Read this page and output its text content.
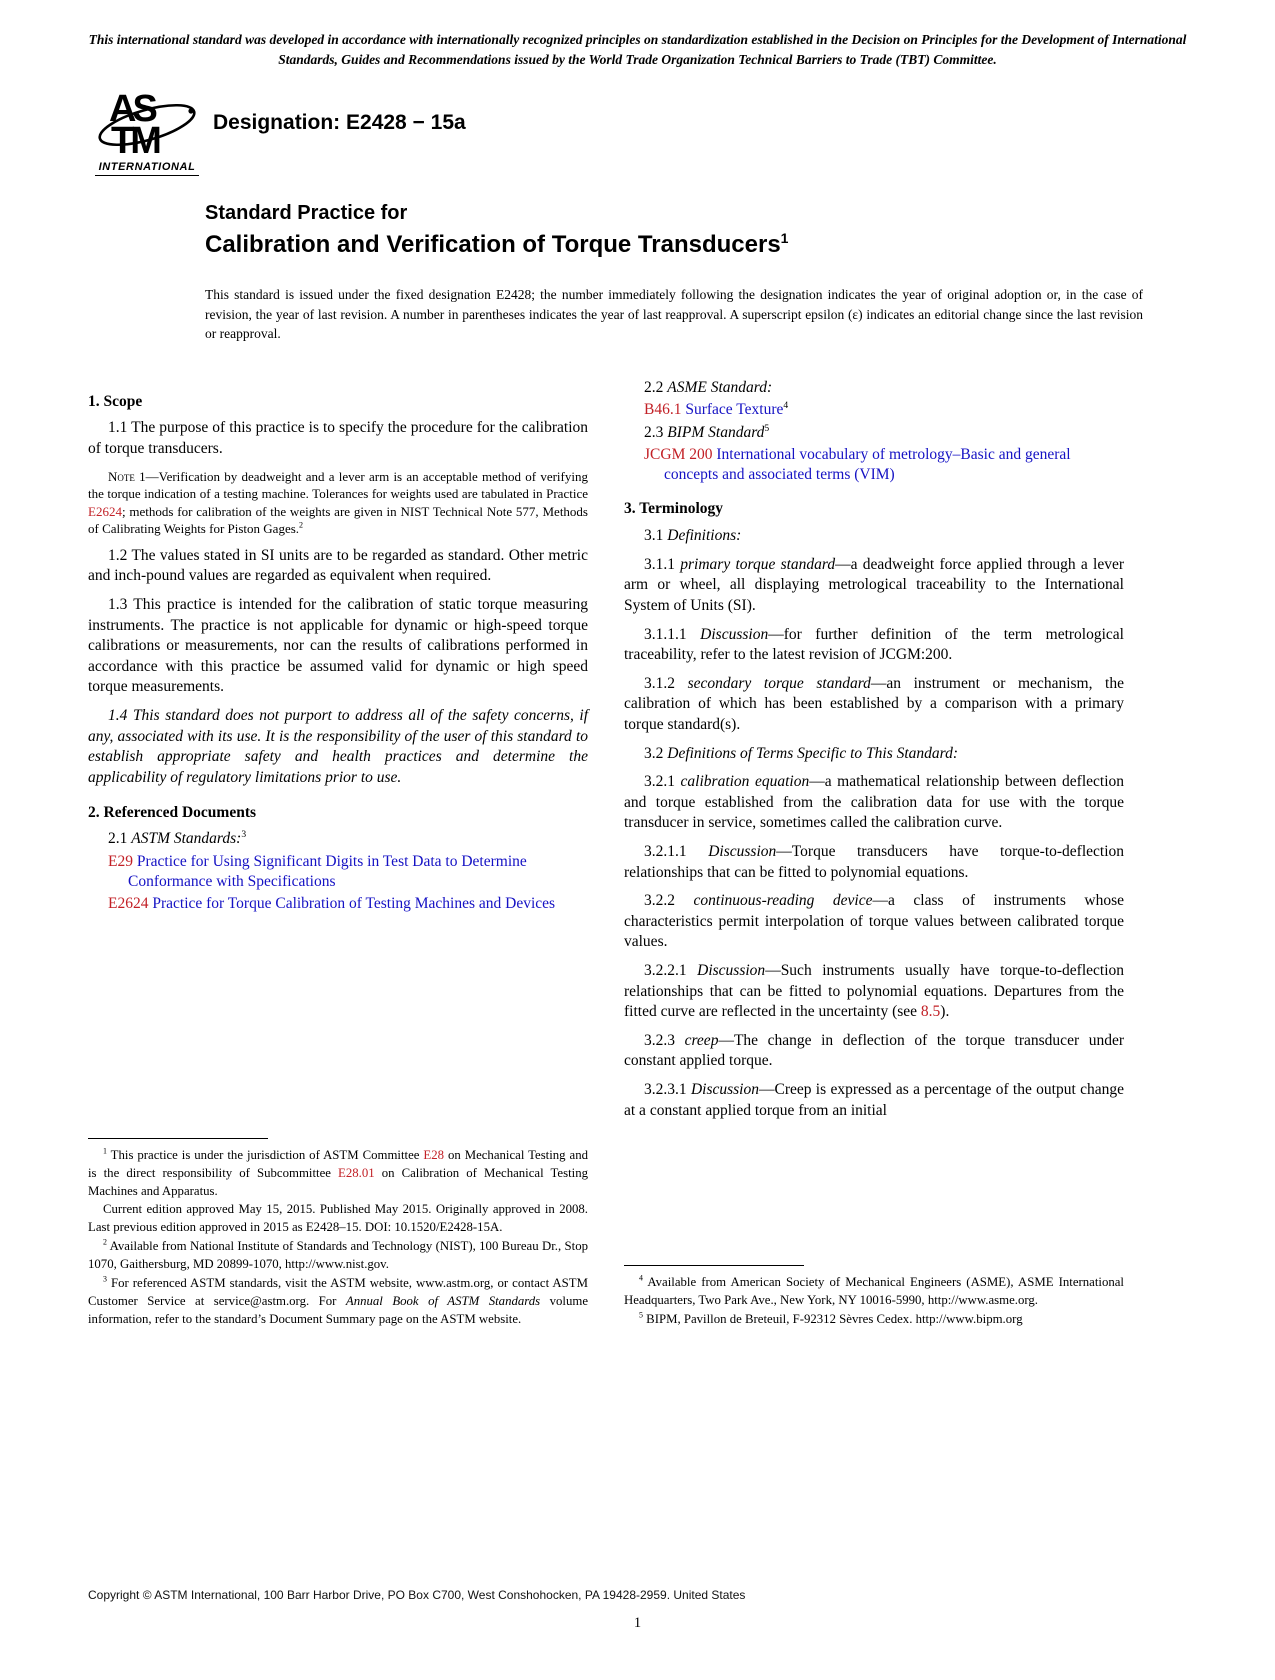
This international standard was developed in accordance with internationally recognized principles on standardization established in the Decision on Principles for the Development of International Standards, Guides and Recommendations issued by the World Trade Organization Technical Barriers to Trade (TBT) Committee.
AS
TM
INTERNATIONAL
Designation: E2428 − 15a
Standard Practice for
Calibration and Verification of Torque Transducers$^1$

This standard is issued under the fixed designation E2428; the number immediately following the designation indicates the year of original adoption or, in the case of revision, the year of last revision. A number in parentheses indicates the year of last reapproval. A superscript epsilon (ε) indicates an editorial change since the last revision or reapproval.

1. Scope

1.1 The purpose of this practice is to specify the procedure for the calibration of torque transducers.

Note 1—Verification by deadweight and a lever arm is an acceptable method of verifying the torque indication of a testing machine. Tolerances for weights used are tabulated in Practice E2624; methods for calibration of the weights are given in NIST Technical Note 577, Methods of Calibrating Weights for Piston Gages.$^2$

1.2 The values stated in SI units are to be regarded as standard. Other metric and inch-pound values are regarded as equivalent when required.

1.3 This practice is intended for the calibration of static torque measuring instruments. The practice is not applicable for dynamic or high-speed torque calibrations or measurements, nor can the results of calibrations performed in accordance with this practice be assumed valid for dynamic or high speed torque measurements.

1.4 This standard does not purport to address all of the safety concerns, if any, associated with its use. It is the responsibility of the user of this standard to establish appropriate safety and health practices and determine the applicability of regulatory limitations prior to use.

2. Referenced Documents

2.1 ASTM Standards:$^3$

E29 Practice for Using Significant Digits in Test Data to Determine Conformance with Specifications

E2624 Practice for Torque Calibration of Testing Machines and Devices

$^1$ This practice is under the jurisdiction of ASTM Committee E28 on Mechanical Testing and is the direct responsibility of Subcommittee E28.01 on Calibration of Mechanical Testing Machines and Apparatus.

Current edition approved May 15, 2015. Published May 2015. Originally approved in 2008. Last previous edition approved in 2015 as E2428–15. DOI: 10.1520/E2428-15A.

$^2$ Available from National Institute of Standards and Technology (NIST), 100 Bureau Dr., Stop 1070, Gaithersburg, MD 20899-1070, http://www.nist.gov.

$^3$ For referenced ASTM standards, visit the ASTM website, www.astm.org, or contact ASTM Customer Service at service@astm.org. For Annual Book of ASTM Standards volume information, refer to the standard’s Document Summary page on the ASTM website.

2.2 ASME Standard:

B46.1 Surface Texture$^4$

2.3 BIPM Standard$^5$

JCGM 200 International vocabulary of metrology–Basic and general concepts and associated terms (VIM)

3. Terminology

3.1 Definitions:

3.1.1 primary torque standard—a deadweight force applied through a lever arm or wheel, all displaying metrological traceability to the International System of Units (SI).

3.1.1.1 Discussion—for further definition of the term metrological traceability, refer to the latest revision of JCGM:200.

3.1.2 secondary torque standard—an instrument or mechanism, the calibration of which has been established by a comparison with a primary torque standard(s).

3.2 Definitions of Terms Specific to This Standard:

3.2.1 calibration equation—a mathematical relationship between deflection and torque established from the calibration data for use with the torque transducer in service, sometimes called the calibration curve.

3.2.1.1 Discussion—Torque transducers have torque-to-deflection relationships that can be fitted to polynomial equations.

3.2.2 continuous-reading device—a class of instruments whose characteristics permit interpolation of torque values between calibrated torque values.

3.2.2.1 Discussion—Such instruments usually have torque-to-deflection relationships that can be fitted to polynomial equations. Departures from the fitted curve are reflected in the uncertainty (see 8.5).

3.2.3 creep—The change in deflection of the torque transducer under constant applied torque.

3.2.3.1 Discussion—Creep is expressed as a percentage of the output change at a constant applied torque from an initial

$^4$ Available from American Society of Mechanical Engineers (ASME), ASME International Headquarters, Two Park Ave., New York, NY 10016-5990, http://www.asme.org.

$^5$ BIPM, Pavillon de Breteuil, F-92312 Sèvres Cedex. http://www.bipm.org

Copyright © ASTM International, 100 Barr Harbor Drive, PO Box C700, West Conshohocken, PA 19428-2959. United States
1
